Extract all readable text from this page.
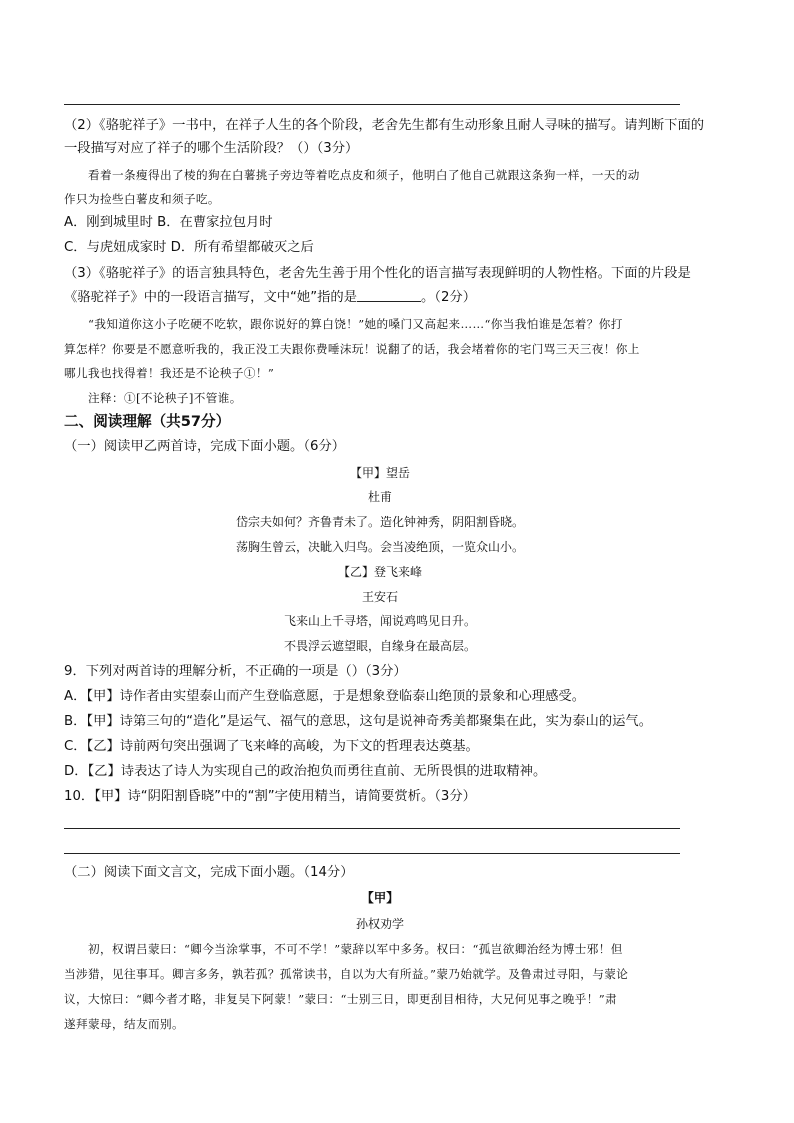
（2）《骆驼祥子》一书中，在祥子人生的各个阶段，老舍先生都有生动形象且耐人寻味的描写。请判断下面的
一段描写对应了祥子的哪个生活阶段？（）（3分）
看着一条瘦得出了棱的狗在白薯挑子旁边等着吃点皮和须子，他明白了他自己就跟这条狗一样，一天的动
作只为捡些白薯皮和须子吃。
A．刚到城里时 B．在曹家拉包月时
C．与虎妞成家时 D．所有希望都破灭之后
（3）《骆驼祥子》的语言独具特色，老舍先生善于用个性化的语言描写表现鲜明的人物性格。下面的片段是
《骆驼祥子》中的一段语言描写，文中“她”指的是	。（2分）
“我知道你这小子吃硬不吃软，跟你说好的算白饶！”她的嗓门又高起来……“你当我怕谁是怎着？你打
算怎样？你要是不愿意听我的，我正没工夫跟你费唾沫玩！说翻了的话，我会堵着你的宅门骂三天三夜！你上
哪儿我也找得着！我还是不论秧子①！”
注释：①[不论秧子]不管谁。
二、阅读理解（共57分）
（一）阅读甲乙两首诗，完成下面小题。（6分）
【甲】望岳
杜甫
岱宗夫如何？齐鲁青未了。造化钟神秀，阴阳割昏晓。
荡胸生曾云，决眦入归鸟。会当凌绝顶，一览众山小。
【乙】登飞来峰
王安石
飞来山上千寻塔，闻说鸡鸣见日升。
不畏浮云遮望眼，自缘身在最高层。
9．下列对两首诗的理解分析，不正确的一项是（）（3分）
A．【甲】诗作者由实望泰山而产生登临意愿，于是想象登临泰山绝顶的景象和心理感受。
B．【甲】诗第三句的“造化”是运气、福气的意思，这句是说神奇秀美都聚集在此，实为泰山的运气。
C．【乙】诗前两句突出强调了飞来峰的高峻，为下文的哲理表达奠基。
D．【乙】诗表达了诗人为实现自己的政治抱负而勇往直前、无所畏惧的进取精神。
10．【甲】诗“阴阳割昏晓”中的“割”字使用精当，请简要赏析。（3分）
（二）阅读下面文言文，完成下面小题。（14分）
【甲】
孙权劝学
初，权谓吕蒙曰：“卿今当涂掌事，不可不学！”蒙辞以军中多务。权曰：“孤岂欲卿治经为博士邪！但
当涉猎，见往事耳。卿言多务，孰若孤？孤常读书，自以为大有所益。”蒙乃始就学。及鲁肃过寻阳，与蒙论
议，大惊曰：“卿今者才略，非复吴下阿蒙！”蒙曰：“士别三日，即更刮目相待，大兄何见事之晚乎！”肃
遂拜蒙母，结友而别。
